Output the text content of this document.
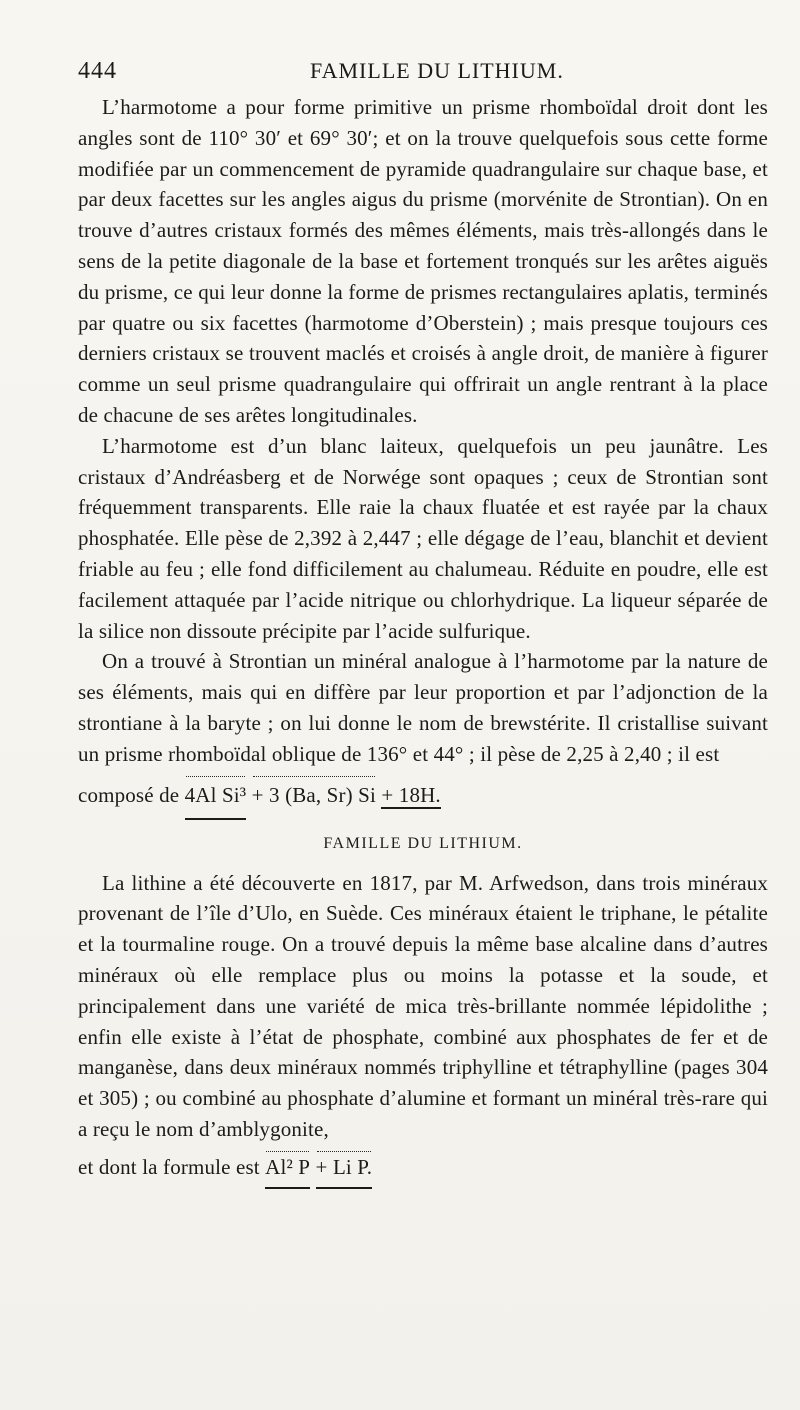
444	FAMILLE DU LITHIUM.

L’harmotome a pour forme primitive un prisme rhomboïdal droit dont les angles sont de 110° 30′ et 69° 30′; et on la trouve quelquefois sous cette forme modifiée par un commencement de pyramide quadrangulaire sur chaque base, et par deux facettes sur les angles aigus du prisme (morvénite de Strontian). On en trouve d’autres cristaux formés des mêmes éléments, mais très-allongés dans le sens de la petite diagonale de la base et fortement tronqués sur les arêtes aiguës du prisme, ce qui leur donne la forme de prismes rectangulaires aplatis, terminés par quatre ou six facettes (harmotome d’Oberstein) ; mais presque toujours ces derniers cristaux se trouvent maclés et croisés à angle droit, de manière à figurer comme un seul prisme quadrangulaire qui offrirait un angle rentrant à la place de chacune de ses arêtes longitudinales.

L’harmotome est d’un blanc laiteux, quelquefois un peu jaunâtre. Les cristaux d’Andréasberg et de Norwége sont opaques ; ceux de Strontian sont fréquemment transparents. Elle raie la chaux fluatée et est rayée par la chaux phosphatée. Elle pèse de 2,392 à 2,447 ; elle dégage de l’eau, blanchit et devient friable au feu ; elle fond difficilement au chalumeau. Réduite en poudre, elle est facilement attaquée par l’acide nitrique ou chlorhydrique. La liqueur séparée de la silice non dissoute précipite par l’acide sulfurique.

On a trouvé à Strontian un minéral analogue à l’harmotome par la nature de ses éléments, mais qui en diffère par leur proportion et par l’adjonction de la strontiane à la baryte ; on lui donne le nom de brewstérite. Il cristallise suivant un prisme rhomboïdal oblique de 136° et 44° ; il pèse de 2,25 à 2,40 ; il est

composé de 4Al Si³ + 3 (Ba, Sr) Si + 18H.
FAMILLE DU LITHIUM.

La lithine a été découverte en 1817, par M. Arfwedson, dans trois minéraux provenant de l’île d’Ulo, en Suède. Ces minéraux étaient le triphane, le pétalite et la tourmaline rouge. On a trouvé depuis la même base alcaline dans d’autres minéraux où elle remplace plus ou moins la potasse et la soude, et principalement dans une variété de mica très-brillante nommée lépidolithe ; enfin elle existe à l’état de phosphate, combiné aux phosphates de fer et de manganèse, dans deux minéraux nommés triphylline et tétraphylline (pages 304 et 305) ; ou combiné au phosphate d’alumine et formant un minéral très-rare qui a reçu le nom d’amblygonite,

et dont la formule est Al² P + Li P.
